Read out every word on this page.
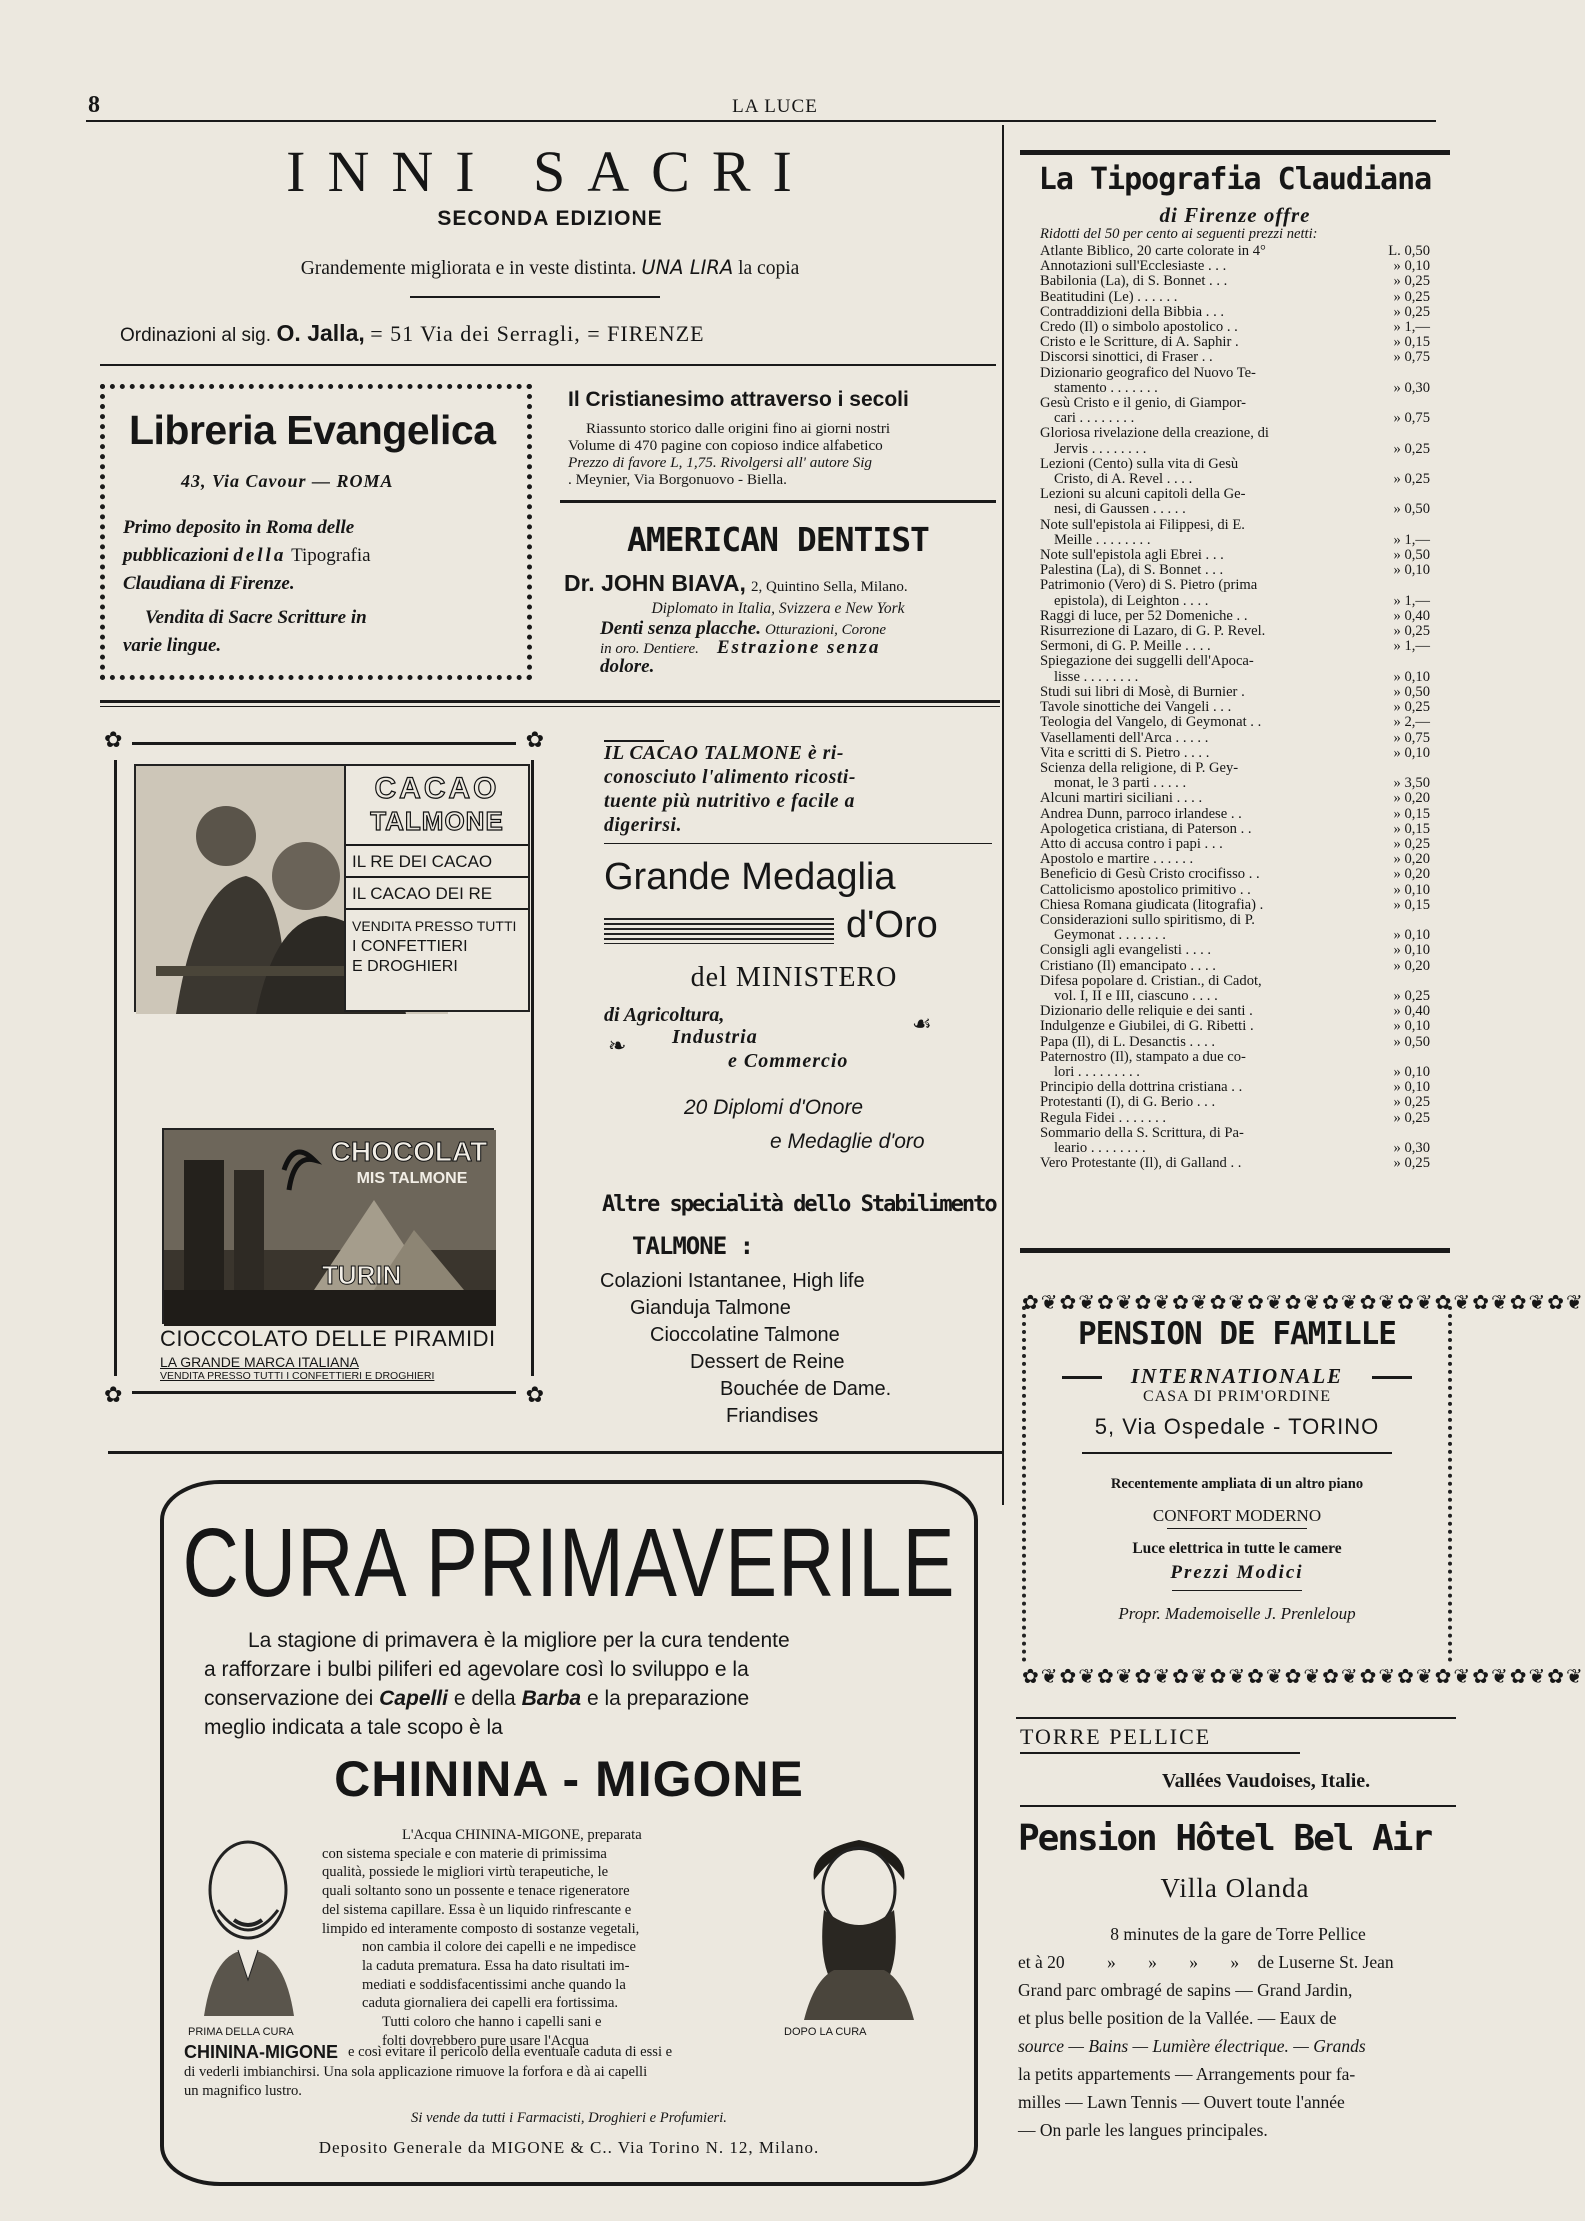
8	LA LUCE
INNI SACRI
SECONDA EDIZIONE
Grandemente migliorata e in veste distinta. UNA LIRA la copia
Ordinazioni al sig. O. Jalla, = 51 Via dei Serragli, = FIRENZE
Libreria Evangelica
43, Via Cavour — ROMA
Primo deposito in Roma delle
pubblicazioni della Tipografia
Claudiana di Firenze.
Vendita di Sacre Scritture in
varie lingue.
Il Cristianesimo attraverso i secoli
Riassunto storico dalle origini fino ai giorni nostri
Volume di 470 pagine con copioso indice alfabetico
Prezzo di favore L, 1,75. Rivolgersi all' autore Sig
. Meynier, Via Borgonuovo - Biella.
AMERICAN DENTIST
Dr. JOHN BIAVA, 2, Quintino Sella, Milano.
Diplomato in Italia, Svizzera e New York
Denti senza placche. Otturazioni, Corone
in oro. Dentiere. Estrazione senza
dolore.
✿	✿
✿	✿
CACAO
TALMONE
IL RE DEI CACAO
IL CACAO DEI RE
VENDITA PRESSO TUTTI
I CONFETTIERI
E DROGHIERI
CHOCOLAT
MIS TALMONE
TURIN
CIOCCOLATO DELLE PIRAMIDI
LA GRANDE MARCA ITALIANA
VENDITA PRESSO TUTTI I CONFETTIERI E DROGHIERI
IL CACAO TALMONE è ri-
conosciuto l'alimento ricosti-
tuente più nutritivo e facile a
digerirsi.
Grande Medaglia
d'Oro
del MINISTERO
di Agricoltura,	☙
❧ Industria
e Commercio
20 Diplomi d'Onore
e Medaglie d'oro
Altre specialità dello Stabilimento
TALMONE :
Colazioni Istantanee, High life
Gianduja Talmone
Cioccolatine Talmone
Dessert de Reine
Bouchée de Dame.
Friandises
La Tipografia Claudiana
di Firenze offre
Ridotti del 50 per cento ai seguenti prezzi netti:
Atlante Biblico, 20 carte colorate in 4°	L. 0,50
Annotazioni sull'Ecclesiaste . . .	» 0,10
Babilonia (La), di S. Bonnet . . .	» 0,25
Beatitudini (Le) . . . . . .	» 0,25
Contraddizioni della Bibbia . . .	» 0,25
Credo (Il) o simbolo apostolico . .	» 1,—
Cristo e le Scritture, di A. Saphir .	» 0,15
Discorsi sinottici, di Fraser . .	» 0,75
Dizionario geografico del Nuovo Te-
stamento . . . . . . .	» 0,30
Gesù Cristo e il genio, di Giampor-
cari . . . . . . . .	» 0,75
Gloriosa rivelazione della creazione, di
Jervis . . . . . . . .	» 0,25
Lezioni (Cento) sulla vita di Gesù
Cristo, di A. Revel . . . .	» 0,25
Lezioni su alcuni capitoli della Ge-
nesi, di Gaussen . . . . .	» 0,50
Note sull'epistola ai Filippesi, di E.
Meille . . . . . . . .	» 1,—
Note sull'epistola agli Ebrei . . .	» 0,50
Palestina (La), di S. Bonnet . . .	» 0,10
Patrimonio (Vero) di S. Pietro (prima
epistola), di Leighton . . . .	» 1,—
Raggi di luce, per 52 Domeniche . .	» 0,40
Risurrezione di Lazaro, di G. P. Revel.	» 0,25
Sermoni, di G. P. Meille . . . .	» 1,—
Spiegazione dei suggelli dell'Apoca-
lisse . . . . . . . .	» 0,10
Studi sui libri di Mosè, di Burnier .	» 0,50
Tavole sinottiche dei Vangeli . . .	» 0,25
Teologia del Vangelo, di Geymonat . .	» 2,—
Vasellamenti dell'Arca . . . . .	» 0,75
Vita e scritti di S. Pietro . . . .	» 0,10
Scienza della religione, di P. Gey-
monat, le 3 parti . . . . .	» 3,50
Alcuni martiri siciliani . . . .	» 0,20
Andrea Dunn, parroco irlandese . .	» 0,15
Apologetica cristiana, di Paterson . .	» 0,15
Atto di accusa contro i papi . . .	» 0,25
Apostolo e martire . . . . . .	» 0,20
Beneficio di Gesù Cristo crocifisso . .	» 0,20
Cattolicismo apostolico primitivo . .	» 0,10
Chiesa Romana giudicata (litografia) .	» 0,15
Considerazioni sullo spiritismo, di P.
Geymonat . . . . . . .	» 0,10
Consigli agli evangelisti . . . .	» 0,10
Cristiano (Il) emancipato . . . .	» 0,20
Difesa popolare d. Cristian., di Cadot,
vol. I, II e III, ciascuno . . . .	» 0,25
Dizionario delle reliquie e dei santi .	» 0,40
Indulgenze e Giubilei, di G. Ribetti .	» 0,10
Papa (Il), di L. Desanctis . . . .	» 0,50
Paternostro (Il), stampato a due co-
lori . . . . . . . . .	» 0,10
Principio della dottrina cristiana . .	» 0,10
Protestanti (I), di G. Berio . . .	» 0,25
Regula Fidei . . . . . . .	» 0,25
Sommario della S. Scrittura, di Pa-
leario . . . . . . . .	» 0,30
Vero Protestante (Il), di Galland . .	» 0,25
✿❦✿❦✿❦✿❦✿❦✿❦✿❦✿❦✿❦✿❦✿❦✿❦✿❦✿❦✿❦
✿❦✿❦✿❦✿❦✿❦✿❦✿❦✿❦✿❦✿❦✿❦✿❦✿❦✿❦✿❦
PENSION DE FAMILLE
INTERNATIONALE
CASA DI PRIM'ORDINE
5, Via Ospedale - TORINO
Recentemente ampliata di un altro piano
CONFORT MODERNO
Luce elettrica in tutte le camere
Prezzi Modici
Propr. Mademoiselle J. Prenleloup
TORRE PELLICE
Vallées Vaudoises, Italie.
Pension Hôtel Bel Air
Villa Olanda
8 minutes de la gare de Torre Pellice
et à 20 » » » » de Luserne St. Jean
Grand parc ombragé de sapins — Grand Jardin,
et plus belle position de la Vallée. — Eaux de
source — Bains — Lumière électrique. — Grands
la petits appartements — Arrangements pour fa-
milles — Lawn Tennis — Ouvert toute l'année
— On parle les langues principales.
CURA PRIMAVERILE
La stagione di primavera è la migliore per la cura tendente
a rafforzare i bulbi piliferi ed agevolare così lo sviluppo e la
conservazione dei Capelli e della Barba e la preparazione
meglio indicata a tale scopo è la
CHININA - MIGONE
PRIMA DELLA CURA	DOPO LA CURA
L'Acqua CHININA-MIGONE, preparata
con sistema speciale e con materie di primissima
qualità, possiede le migliori virtù terapeutiche, le
quali soltanto sono un possente e tenace rigeneratore
del sistema capillare. Essa è un liquido rinfrescante e
limpido ed interamente composto di sostanze vegetali,
non cambia il colore dei capelli e ne impedisce
la caduta prematura. Essa ha dato risultati im-
mediati e soddisfacentissimi anche quando la
caduta giornaliera dei capelli era fortissima.
Tutti coloro che hanno i capelli sani e
folti dovrebbero pure usare l'Acqua
CHININA-MIGONE e così evitare il pericolo della eventuale caduta di essi e
di vederli imbianchirsi. Una sola applicazione rimuove la forfora e dà ai capelli
un magnifico lustro.
Si vende da tutti i Farmacisti, Droghieri e Profumieri.
Deposito Generale da MIGONE & C.. Via Torino N. 12, Milano.
